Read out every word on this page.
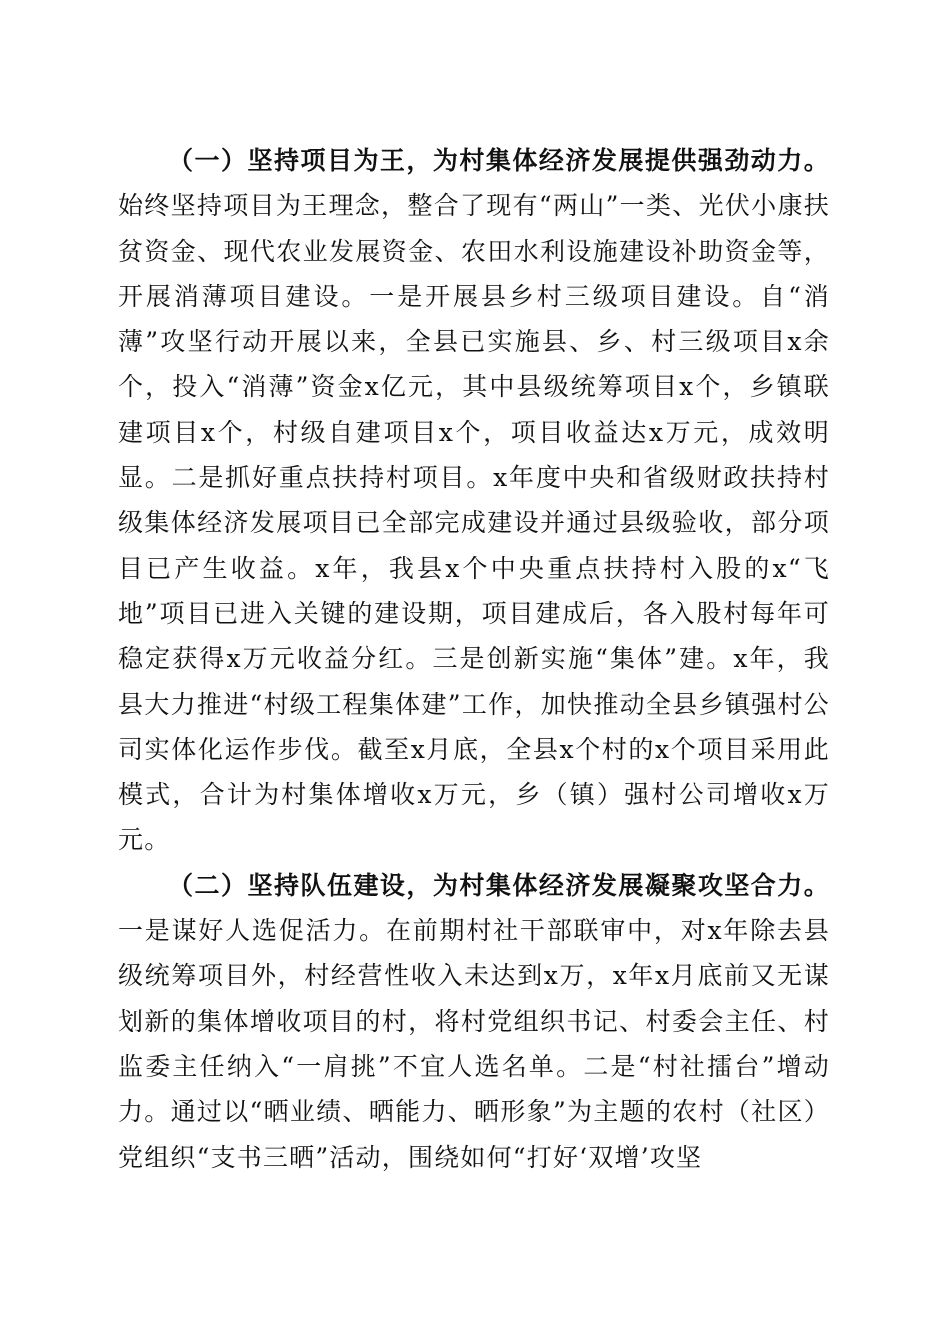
（一）坚持项目为王，为村集体经济发展提供强劲动力。始终坚持项目为王理念，整合了现有“两山”一类、光伏小康扶贫资金、现代农业发展资金、农田水利设施建设补助资金等，开展消薄项目建设。一是开展县乡村三级项目建设。自“消薄”攻坚行动开展以来，全县已实施县、乡、村三级项目x余个，投入“消薄”资金x亿元，其中县级统筹项目x个，乡镇联建项目x个，村级自建项目x个，项目收益达x万元，成效明显。二是抓好重点扶持村项目。x年度中央和省级财政扶持村级集体经济发展项目已全部完成建设并通过县级验收，部分项目已产生收益。x年，我县x个中央重点扶持村入股的x“飞地”项目已进入关键的建设期，项目建成后，各入股村每年可稳定获得x万元收益分红。三是创新实施“集体”建。x年，我县大力推进“村级工程集体建”工作，加快推动全县乡镇强村公司实体化运作步伐。截至x月底，全县x个村的x个项目采用此模式，合计为村集体增收x万元，乡（镇）强村公司增收x万元。

（二）坚持队伍建设，为村集体经济发展凝聚攻坚合力。一是谋好人选促活力。在前期村社干部联审中，对x年除去县级统筹项目外，村经营性收入未达到x万，x年x月底前又无谋划新的集体增收项目的村，将村党组织书记、村委会主任、村监委主任纳入“一肩挑”不宜人选名单。二是“村社擂台”增动力。通过以“晒业绩、晒能力、晒形象”为主题的农村（社区）党组织“支书三晒”活动，围绕如何“打好‘双增’攻坚
